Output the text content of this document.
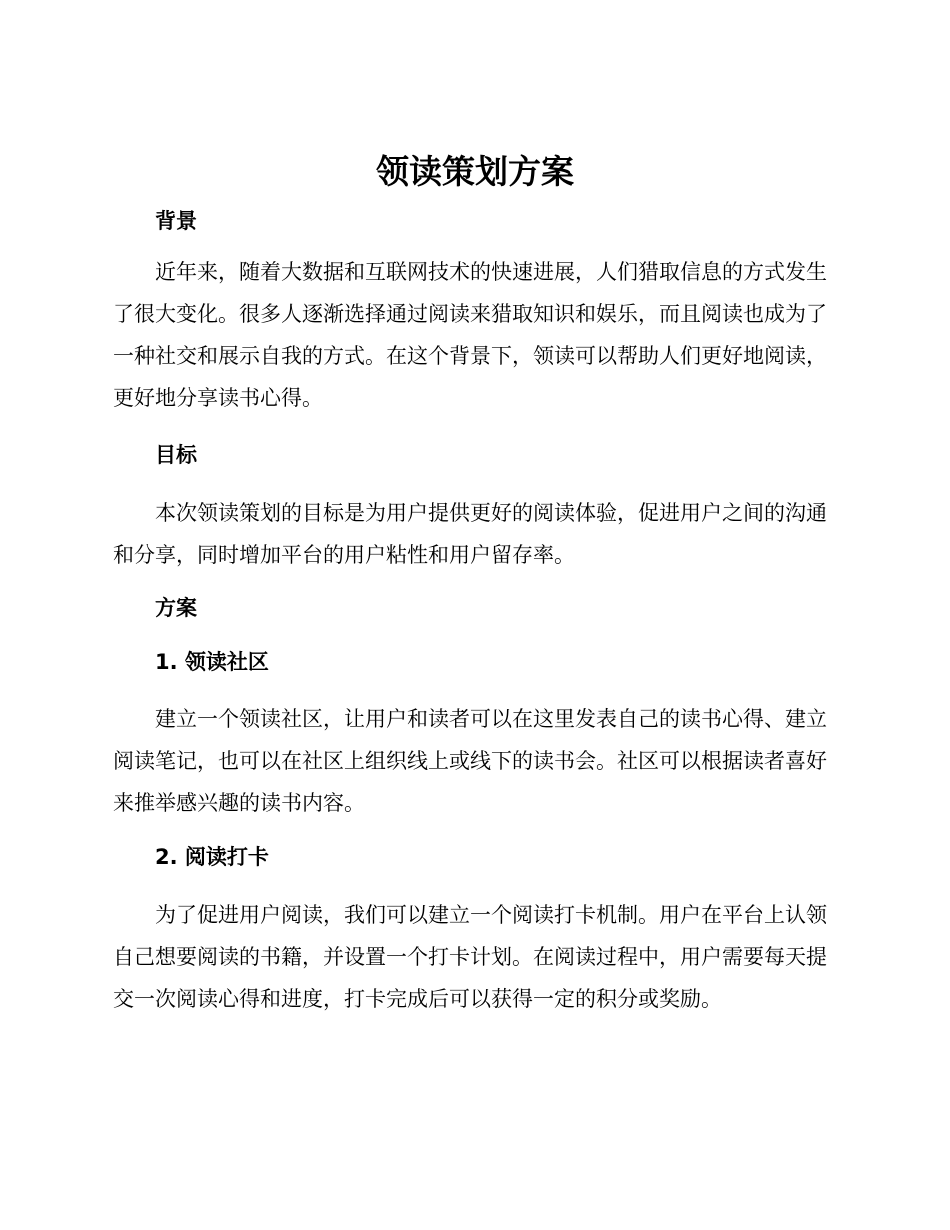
领读策划方案
背景

近年来，随着大数据和互联网技术的快速进展，人们猎取信息的方式发生了很大变化。很多人逐渐选择通过阅读来猎取知识和娱乐，而且阅读也成为了一种社交和展示自我的方式。在这个背景下，领读可以帮助人们更好地阅读，更好地分享读书心得。

目标

本次领读策划的目标是为用户提供更好的阅读体验，促进用户之间的沟通和分享，同时增加平台的用户粘性和用户留存率。

方案
1. 领读社区

建立一个领读社区，让用户和读者可以在这里发表自己的读书心得、建立阅读笔记，也可以在社区上组织线上或线下的读书会。社区可以根据读者喜好来推举感兴趣的读书内容。

2. 阅读打卡

为了促进用户阅读，我们可以建立一个阅读打卡机制。用户在平台上认领自己想要阅读的书籍，并设置一个打卡计划。在阅读过程中，用户需要每天提交一次阅读心得和进度，打卡完成后可以获得一定的积分或奖励。
